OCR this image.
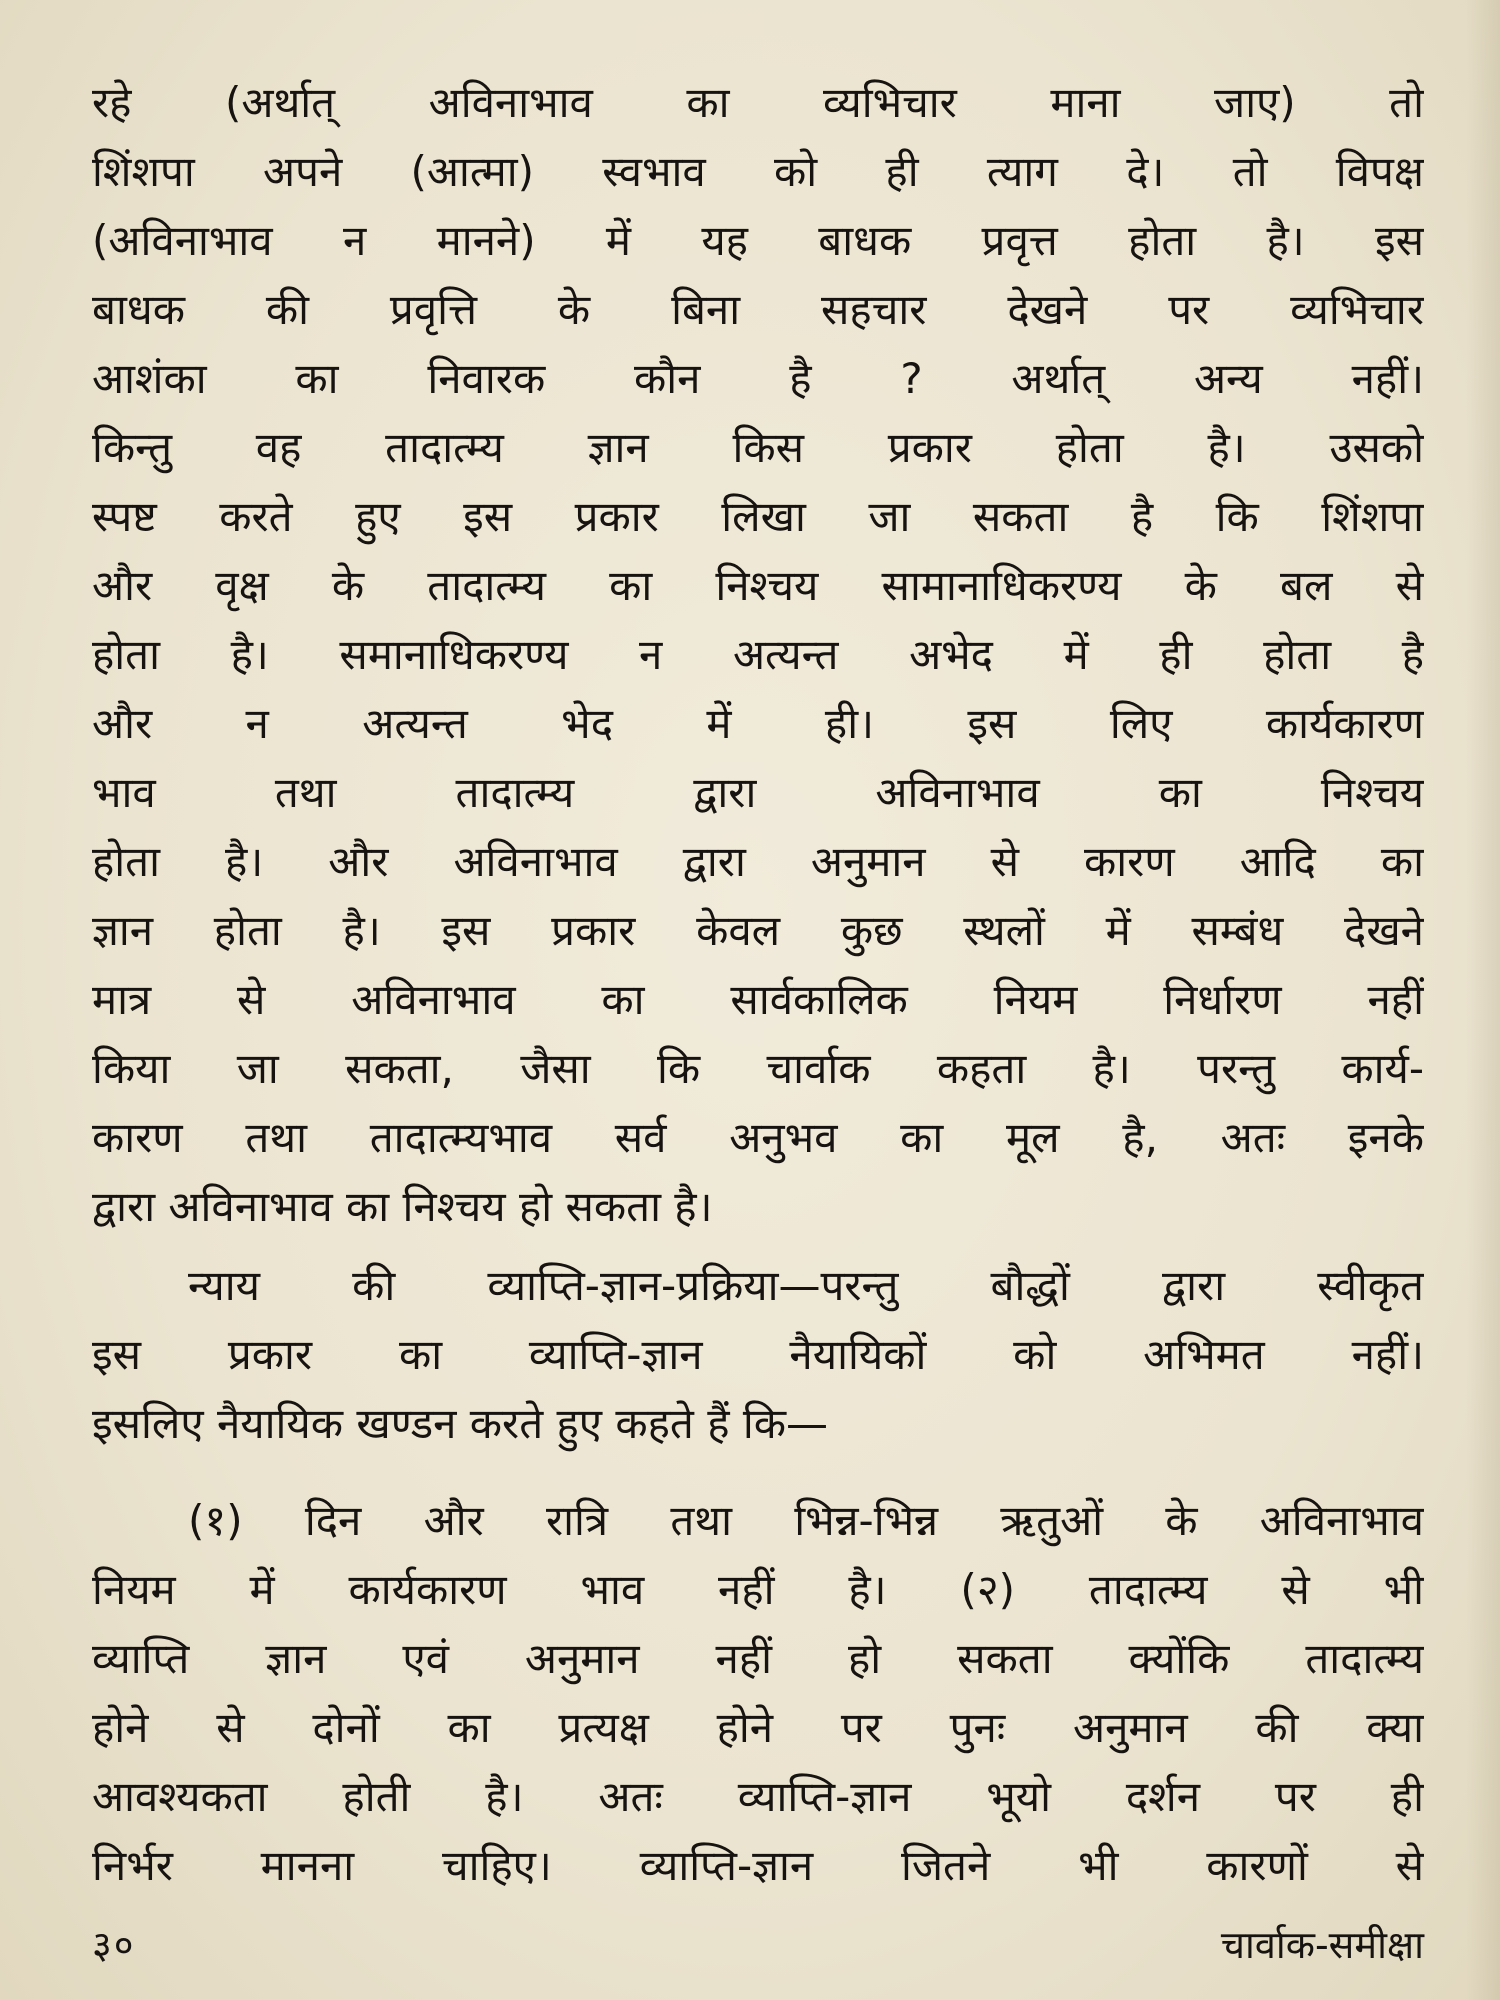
रहे (अर्थात् अविनाभाव का व्यभिचार माना जाए) तो
शिंशपा अपने (आत्मा) स्वभाव को ही त्याग दे। तो विपक्ष
(अविनाभाव न मानने) में यह बाधक प्रवृत्त होता है। इस
बाधक की प्रवृत्ति के बिना सहचार देखने पर व्यभिचार
आशंका का निवारक कौन है ? अर्थात् अन्य नहीं।
किन्तु वह तादात्म्य ज्ञान किस प्रकार होता है। उसको
स्पष्ट करते हुए इस प्रकार लिखा जा सकता है कि शिंशपा
और वृक्ष के तादात्म्य का निश्चय सामानाधिकरण्य के बल से
होता है। समानाधिकरण्य न अत्यन्त अभेद में ही होता है
और न अत्यन्त भेद में ही। इस लिए कार्यकारण
भाव तथा तादात्म्य द्वारा अविनाभाव का निश्चय
होता है। और अविनाभाव द्वारा अनुमान से कारण आदि का
ज्ञान होता है। इस प्रकार केवल कुछ स्थलों में सम्बंध देखने
मात्र से अविनाभाव का सार्वकालिक नियम निर्धारण नहीं
किया जा सकता, जैसा कि चार्वाक कहता है। परन्तु कार्य-
कारण तथा तादात्म्यभाव सर्व अनुभव का मूल है, अतः इनके
द्वारा अविनाभाव का निश्चय हो सकता है।
न्याय की व्याप्ति-ज्ञान-प्रक्रिया—परन्तु बौद्धों द्वारा स्वीकृत
इस प्रकार का व्याप्ति-ज्ञान नैयायिकों को अभिमत नहीं।
इसलिए नैयायिक खण्डन करते हुए कहते हैं कि—
(१) दिन और रात्रि तथा भिन्न-भिन्न ऋतुओं के अविनाभाव
नियम में कार्यकारण भाव नहीं है। (२) तादात्म्य से भी
व्याप्ति ज्ञान एवं अनुमान नहीं हो सकता क्योंकि तादात्म्य
होने से दोनों का प्रत्यक्ष होने पर पुनः अनुमान की क्या
आवश्यकता होती है। अतः व्याप्ति-ज्ञान भूयो दर्शन पर ही
निर्भर मानना चाहिए। व्याप्ति-ज्ञान जितने भी कारणों से
३०	चार्वाक-समीक्षा
